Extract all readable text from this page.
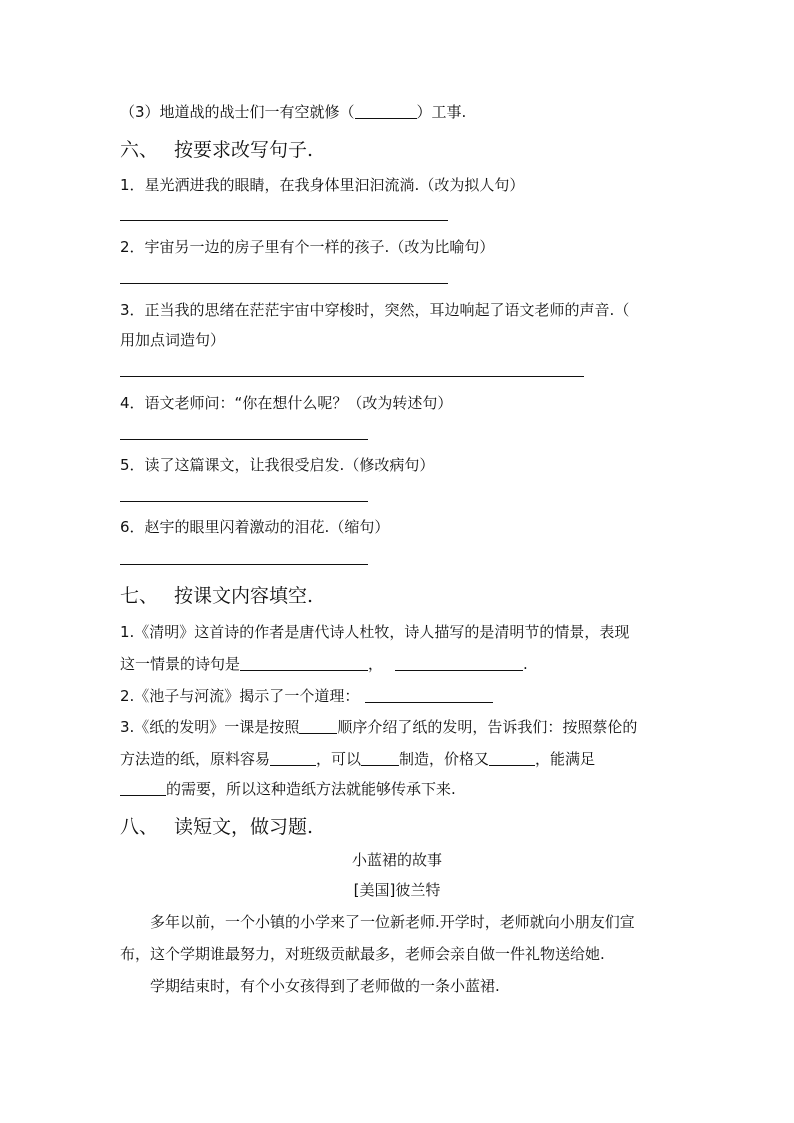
（3）地道战的战士们一有空就修（	）工事.
六、 按要求改写句子.
1．星光洒进我的眼睛，在我身体里汩汩流淌.（改为拟人句）
2．宇宙另一边的房子里有个一样的孩子.（改为比喻句）
3．正当我的思绪在茫茫宇宙中穿梭时，突然，耳边响起了语文老师的声音.（
用加点词造句）
4．语文老师问：“你在想什么呢？（改为转述句）
5．读了这篇课文，让我很受启发.（修改病句）
6．赵宇的眼里闪着激动的泪花.（缩句）
七、 按课文内容填空.
1.《清明》这首诗的作者是唐代诗人杜牧，诗人描写的是清明节的情景，表现
这一情景的诗句是	，	.
2.《池子与河流》揭示了一个道理：
3.《纸的发明》一课是按照	顺序介绍了纸的发明，告诉我们：按照蔡伦的
方法造的纸，原料容易	，可以	制造，价格又	，能满足
的需要，所以这种造纸方法就能够传承下来.
八、 读短文，做习题.
小蓝裙的故事
[美国]彼兰特
多年以前，一个小镇的小学来了一位新老师.开学时，老师就向小朋友们宣
布，这个学期谁最努力，对班级贡献最多，老师会亲自做一件礼物送给她.
学期结束时，有个小女孩得到了老师做的一条小蓝裙.
